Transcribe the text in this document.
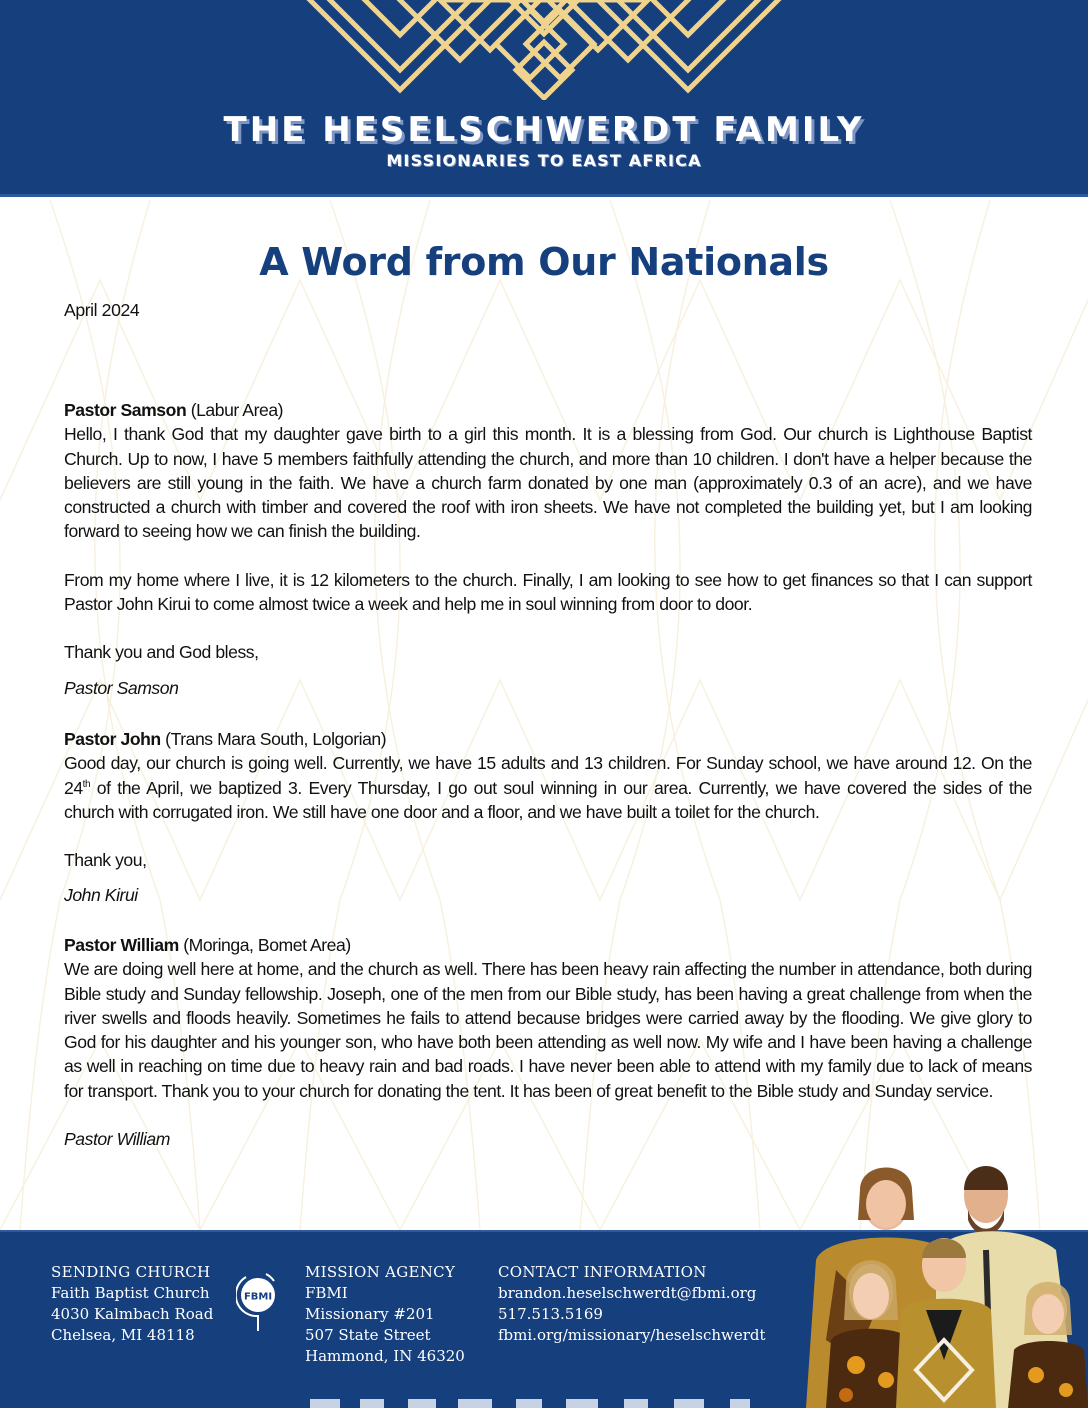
THE HESELSCHWERDT FAMILY
MISSIONARIES TO EAST AFRICA
A Word from Our Nationals
April 2024

Pastor Samson (Labur Area)

Hello, I thank God that my daughter gave birth to a girl this month. It is a blessing from God. Our church is Lighthouse Baptist Church. Up to now, I have 5 members faithfully attending the church, and more than 10 children. I don't have a helper because the believers are still young in the faith. We have a church farm donated by one man (approximately 0.3 of an acre), and we have constructed a church with timber and covered the roof with iron sheets. We have not completed the building yet, but I am looking forward to seeing how we can finish the building.

From my home where I live, it is 12 kilometers to the church. Finally, I am looking to see how to get finances so that I can support Pastor John Kirui to come almost twice a week and help me in soul winning from door to door.

Thank you and God bless,

Pastor Samson

Pastor John (Trans Mara South, Lolgorian)

Good day, our church is going well. Currently, we have 15 adults and 13 children. For Sunday school, we have around 12. On the 24th of the April, we baptized 3. Every Thursday, I go out soul winning in our area. Currently, we have covered the sides of the church with corrugated iron. We still have one door and a floor, and we have built a toilet for the church.

Thank you,

John Kirui

Pastor William (Moringa, Bomet Area)

We are doing well here at home, and the church as well. There has been heavy rain affecting the number in attendance, both during Bible study and Sunday fellowship. Joseph, one of the men from our Bible study, has been having a great challenge from when the river swells and floods heavily. Sometimes he fails to attend because bridges were carried away by the flooding. We give glory to God for his daughter and his younger son, who have both been attending as well now. My wife and I have been having a challenge as well in reaching on time due to heavy rain and bad roads. I have never been able to attend with my family due to lack of means for transport. Thank you to your church for donating the tent. It has been of great benefit to the Bible study and Sunday service.

Pastor William

SENDING CHURCH
Faith Baptist Church
4030 Kalmbach Road
Chelsea, MI 48118
FBMI
MISSION AGENCY
FBMI
Missionary #201
507 State Street
Hammond, IN 46320
CONTACT INFORMATION
brandon.heselschwerdt@fbmi.org
517.513.5169
fbmi.org/missionary/heselschwerdt
